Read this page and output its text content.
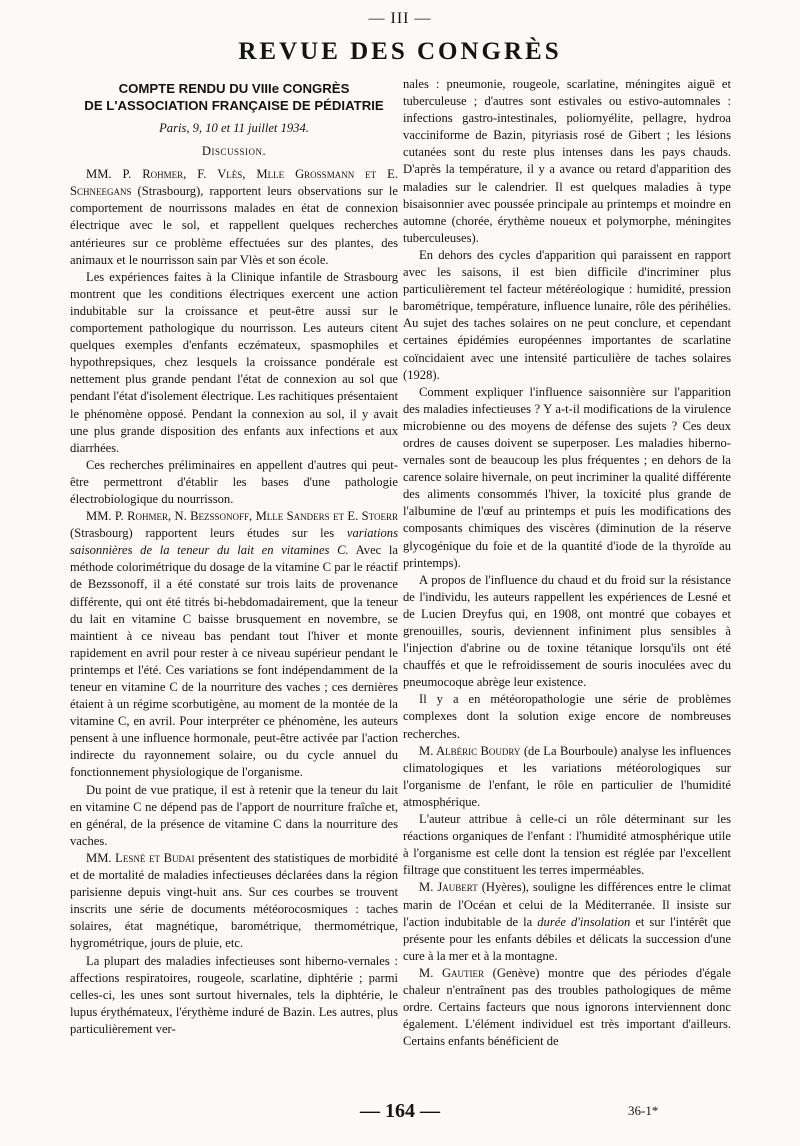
— III —
REVUE DES CONGRÈS
COMPTE RENDU DU VIIIe CONGRÈS
DE L'ASSOCIATION FRANÇAISE DE PÉDIATRIE
Paris, 9, 10 et 11 juillet 1934.
Discussion.

MM. P. Rohmer, F. Vlès, Mlle Grossmann et E. Schneegans (Strasbourg), rapportent leurs observations sur le comportement de nourrissons malades en état de connexion électrique avec le sol, et rappellent quelques recherches antérieures sur ce problème effectuées sur des plantes, des animaux et le nourrisson sain par Vlès et son école.

Les expériences faites à la Clinique infantile de Strasbourg montrent que les conditions électriques exercent une action indubitable sur la croissance et peut-être aussi sur le comportement pathologique du nourrisson. Les auteurs citent quelques exemples d'enfants eczémateux, spasmophiles et hypothrepsiques, chez lesquels la croissance pondérale est nettement plus grande pendant l'état de connexion au sol que pendant l'état d'isolement électrique. Les rachitiques présentaient le phénomène opposé. Pendant la connexion au sol, il y avait une plus grande disposition des enfants aux infections et aux diarrhées.

Ces recherches préliminaires en appellent d'autres qui peut-être permettront d'établir les bases d'une pathologie électrobiologique du nourrisson.

MM. P. Rohmer, N. Bezssonoff, Mlle Sanders et E. Stoerr (Strasbourg) rapportent leurs études sur les variations saisonnières de la teneur du lait en vitamines C. Avec la méthode colorimétrique du dosage de la vitamine C par le réactif de Bezssonoff, il a été constaté sur trois laits de provenance différente, qui ont été titrés bi-hebdomadairement, que la teneur du lait en vitamine C baisse brusquement en novembre, se maintient à ce niveau bas pendant tout l'hiver et monte rapidement en avril pour rester à ce niveau supérieur pendant le printemps et l'été. Ces variations se font indépendamment de la teneur en vitamine C de la nourriture des vaches ; ces dernières étaient à un régime scorbutigène, au moment de la montée de la vitamine C, en avril. Pour interpréter ce phénomène, les auteurs pensent à une influence hormonale, peut-être activée par l'action indirecte du rayonnement solaire, ou du cycle annuel du fonctionnement physiologique de l'organisme.

Du point de vue pratique, il est à retenir que la teneur du lait en vitamine C ne dépend pas de l'apport de nourriture fraîche et, en général, de la présence de vitamine C dans la nourriture des vaches.

MM. Lesné et Budai présentent des statistiques de morbidité et de mortalité de maladies infectieuses déclarées dans la région parisienne depuis vingt-huit ans. Sur ces courbes se trouvent inscrits une série de documents météorocosmiques : taches solaires, état magnétique, barométrique, thermométrique, hygrométrique, jours de pluie, etc.

La plupart des maladies infectieuses sont hiberno-vernales : affections respiratoires, rougeole, scarlatine, diphtérie ; parmi celles-ci, les unes sont surtout hivernales, tels la diphtérie, le lupus érythémateux, l'érythème induré de Bazin. Les autres, plus particulièrement ver-

nales : pneumonie, rougeole, scarlatine, méningites aiguë et tuberculeuse ; d'autres sont estivales ou estivo-automnales : infections gastro-intestinales, poliomyélite, pellagre, hydroa vacciniforme de Bazin, pityriasis rosé de Gibert ; les lésions cutanées sont du reste plus intenses dans les pays chauds. D'après la température, il y a avance ou retard d'apparition des maladies sur le calendrier. Il est quelques maladies à type bisaisonnier avec poussée principale au printemps et moindre en automne (chorée, érythème noueux et polymorphe, méningites tuberculeuses).

En dehors des cycles d'apparition qui paraissent en rapport avec les saisons, il est bien difficile d'incriminer plus particulièrement tel facteur météréologique : humidité, pression barométrique, température, influence lunaire, rôle des périhélies. Au sujet des taches solaires on ne peut conclure, et cependant certaines épidémies européennes importantes de scarlatine coïncidaient avec une intensité particulière de taches solaires (1928).

Comment expliquer l'influence saisonnière sur l'apparition des maladies infectieuses ? Y a-t-il modifications de la virulence microbienne ou des moyens de défense des sujets ? Ces deux ordres de causes doivent se superposer. Les maladies hiberno-vernales sont de beaucoup les plus fréquentes ; en dehors de la carence solaire hivernale, on peut incriminer la qualité différente des aliments consommés l'hiver, la toxicité plus grande de l'albumine de l'œuf au printemps et puis les modifications des composants chimiques des viscères (diminution de la réserve glycogénique du foie et de la quantité d'iode de la thyroïde au printemps).

A propos de l'influence du chaud et du froid sur la résistance de l'individu, les auteurs rappellent les expériences de Lesné et de Lucien Dreyfus qui, en 1908, ont montré que cobayes et grenouilles, souris, deviennent infiniment plus sensibles à l'injection d'abrine ou de toxine tétanique lorsqu'ils ont été chauffés et que le refroidissement de souris inoculées avec du pneumocoque abrège leur existence.

Il y a en météoropathologie une série de problèmes complexes dont la solution exige encore de nombreuses recherches.

M. Albéric Boudry (de La Bourboule) analyse les influences climatologiques et les variations météorologiques sur l'organisme de l'enfant, le rôle en particulier de l'humidité atmosphérique.

L'auteur attribue à celle-ci un rôle déterminant sur les réactions organiques de l'enfant : l'humidité atmosphérique utile à l'organisme est celle dont la tension est réglée par l'excellent filtrage que constituent les terres imperméables.

M. Jaubert (Hyères), souligne les différences entre le climat marin de l'Océan et celui de la Méditerranée. Il insiste sur l'action indubitable de la durée d'insolation et sur l'intérêt que présente pour les enfants débiles et délicats la succession d'une cure à la mer et à la montagne.

M. Gautier (Genève) montre que des périodes d'égale chaleur n'entraînent pas des troubles pathologiques de même ordre. Certains facteurs que nous ignorons interviennent donc également. L'élément individuel est très important d'ailleurs. Certains enfants bénéficient de

— 164 —	36-1*
